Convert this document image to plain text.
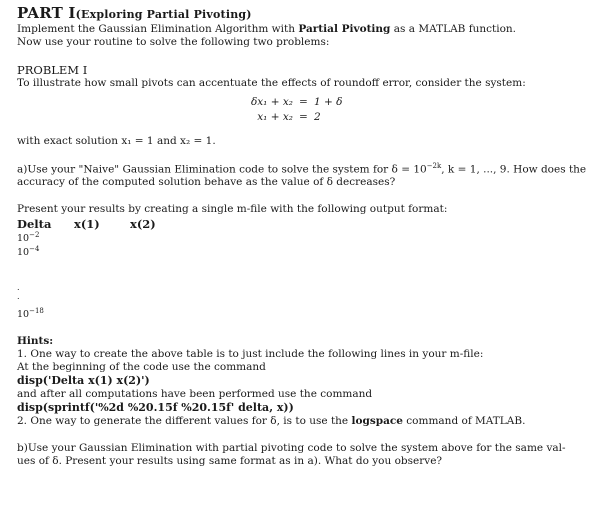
PART I(Exploring Partial Pivoting)
Implement the Gaussian Elimination Algorithm with Partial Pivoting as a MATLAB function.
Now use your routine to solve the following two problems:
PROBLEM I
To illustrate how small pivots can accentuate the effects of roundoff error, consider the system:
δx₁ + x₂ = 1 + δ
x₁ + x₂ = 2
with exact solution x₁ = 1 and x₂ = 1.
a)Use your "Naive" Gaussian Elimination code to solve the system for $\delta = 10^{-2k}$, k = 1, ..., 9. How does the
accuracy of the computed solution behave as the value of δ decreases?
Present your results by creating a single m-file with the following output format:
Delta x(1)	x(2)
$10^{-2}$
$10^{-4}$
.
.
$10^{-18}$
Hints:
1. One way to create the above table is to just include the following lines in your m-file:
At the beginning of the code use the command
disp('Delta x(1) x(2)')
and after all computations have been performed use the command
disp(sprintf('%2d %20.15f %20.15f' delta, x))
2. One way to generate the different values for δ, is to use the logspace command of MATLAB.
b)Use your Gaussian Elimination with partial pivoting code to solve the system above for the same val-
ues of δ. Present your results using same format as in a). What do you observe?
